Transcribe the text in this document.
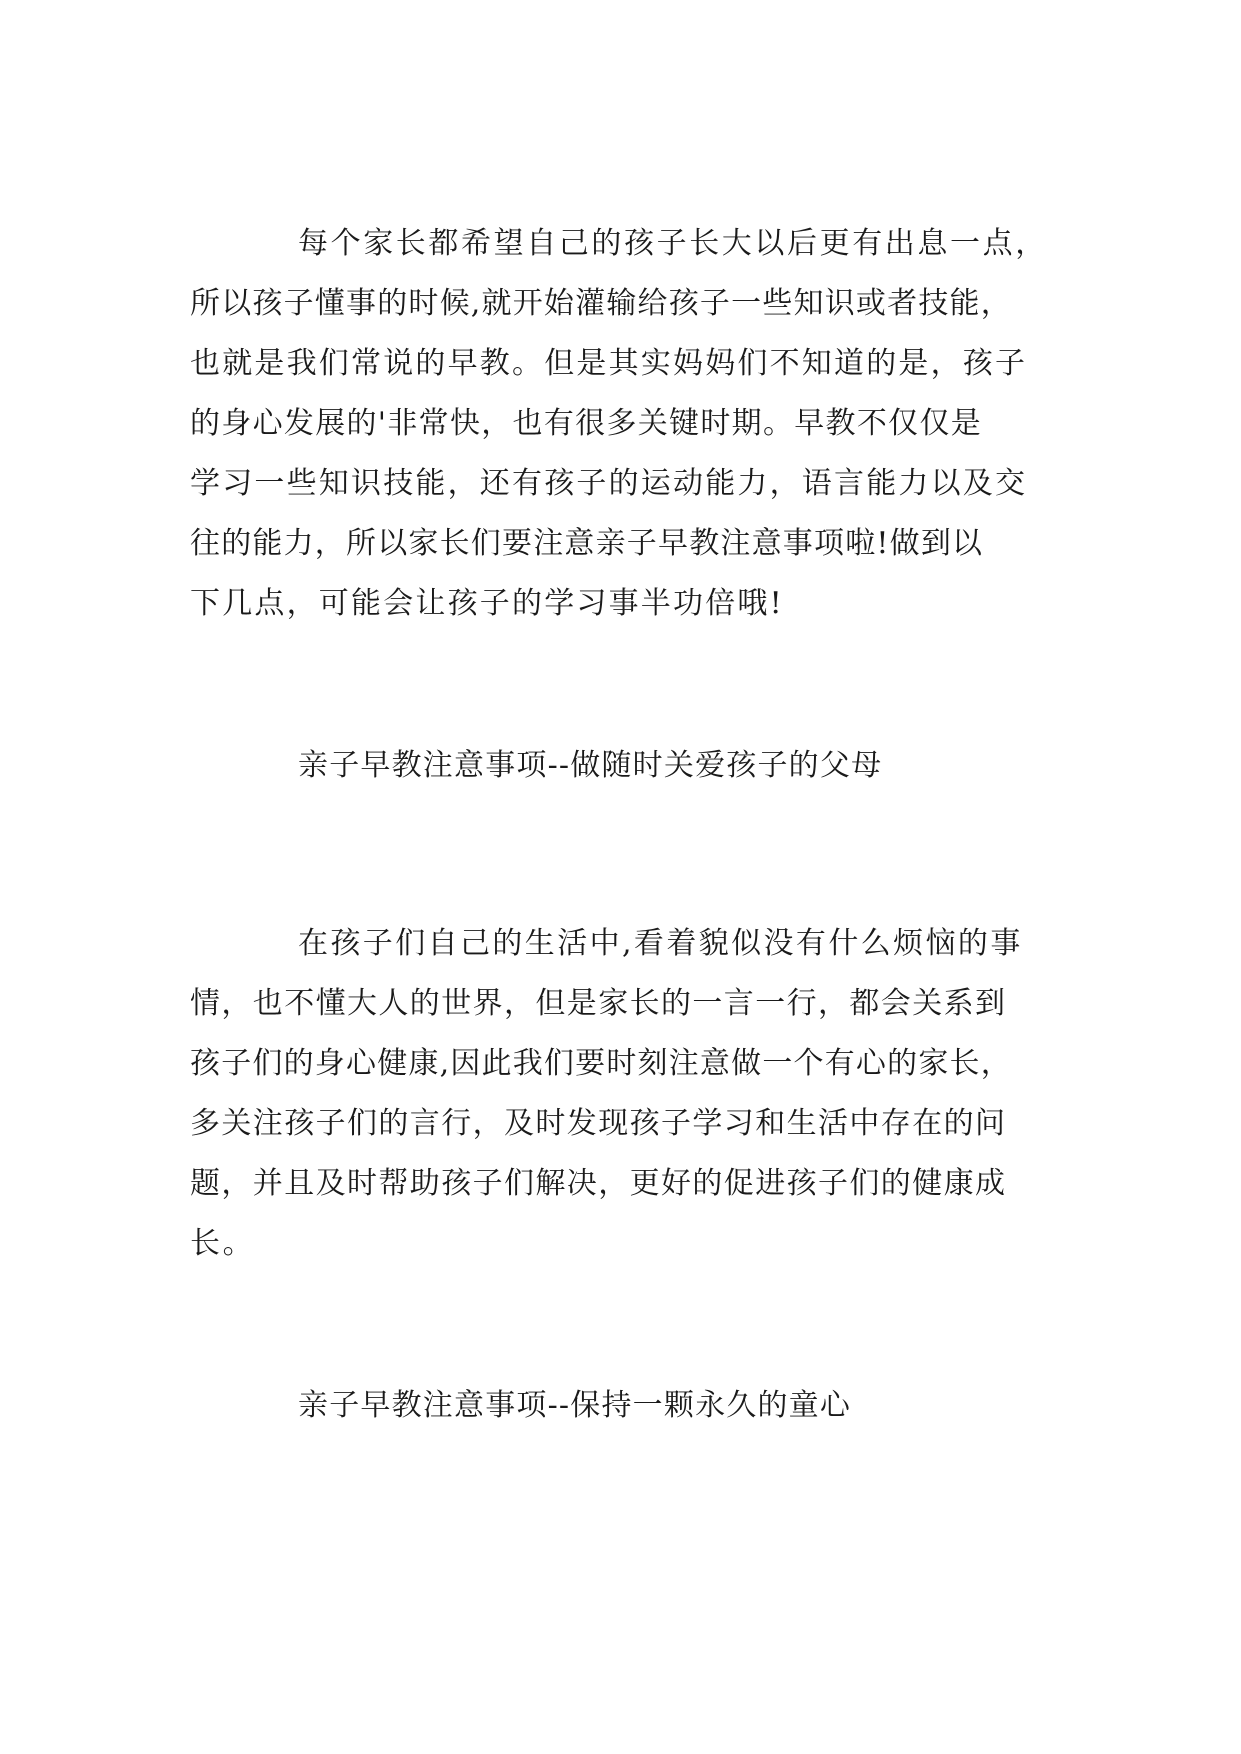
每个家长都希望自己的孩子长大以后更有出息一点，
所以孩子懂事的时候,就开始灌输给孩子一些知识或者技能，
也就是我们常说的早教。但是其实妈妈们不知道的是，孩子
的身心发展的'非常快，也有很多关键时期。早教不仅仅是
学习一些知识技能，还有孩子的运动能力，语言能力以及交
往的能力，所以家长们要注意亲子早教注意事项啦!做到以
下几点，可能会让孩子的学习事半功倍哦!
亲子早教注意事项--做随时关爱孩子的父母
在孩子们自己的生活中,看着貌似没有什么烦恼的事
情，也不懂大人的世界，但是家长的一言一行，都会关系到
孩子们的身心健康,因此我们要时刻注意做一个有心的家长，
多关注孩子们的言行，及时发现孩子学习和生活中存在的问
题，并且及时帮助孩子们解决，更好的促进孩子们的健康成
长。
亲子早教注意事项--保持一颗永久的童心
